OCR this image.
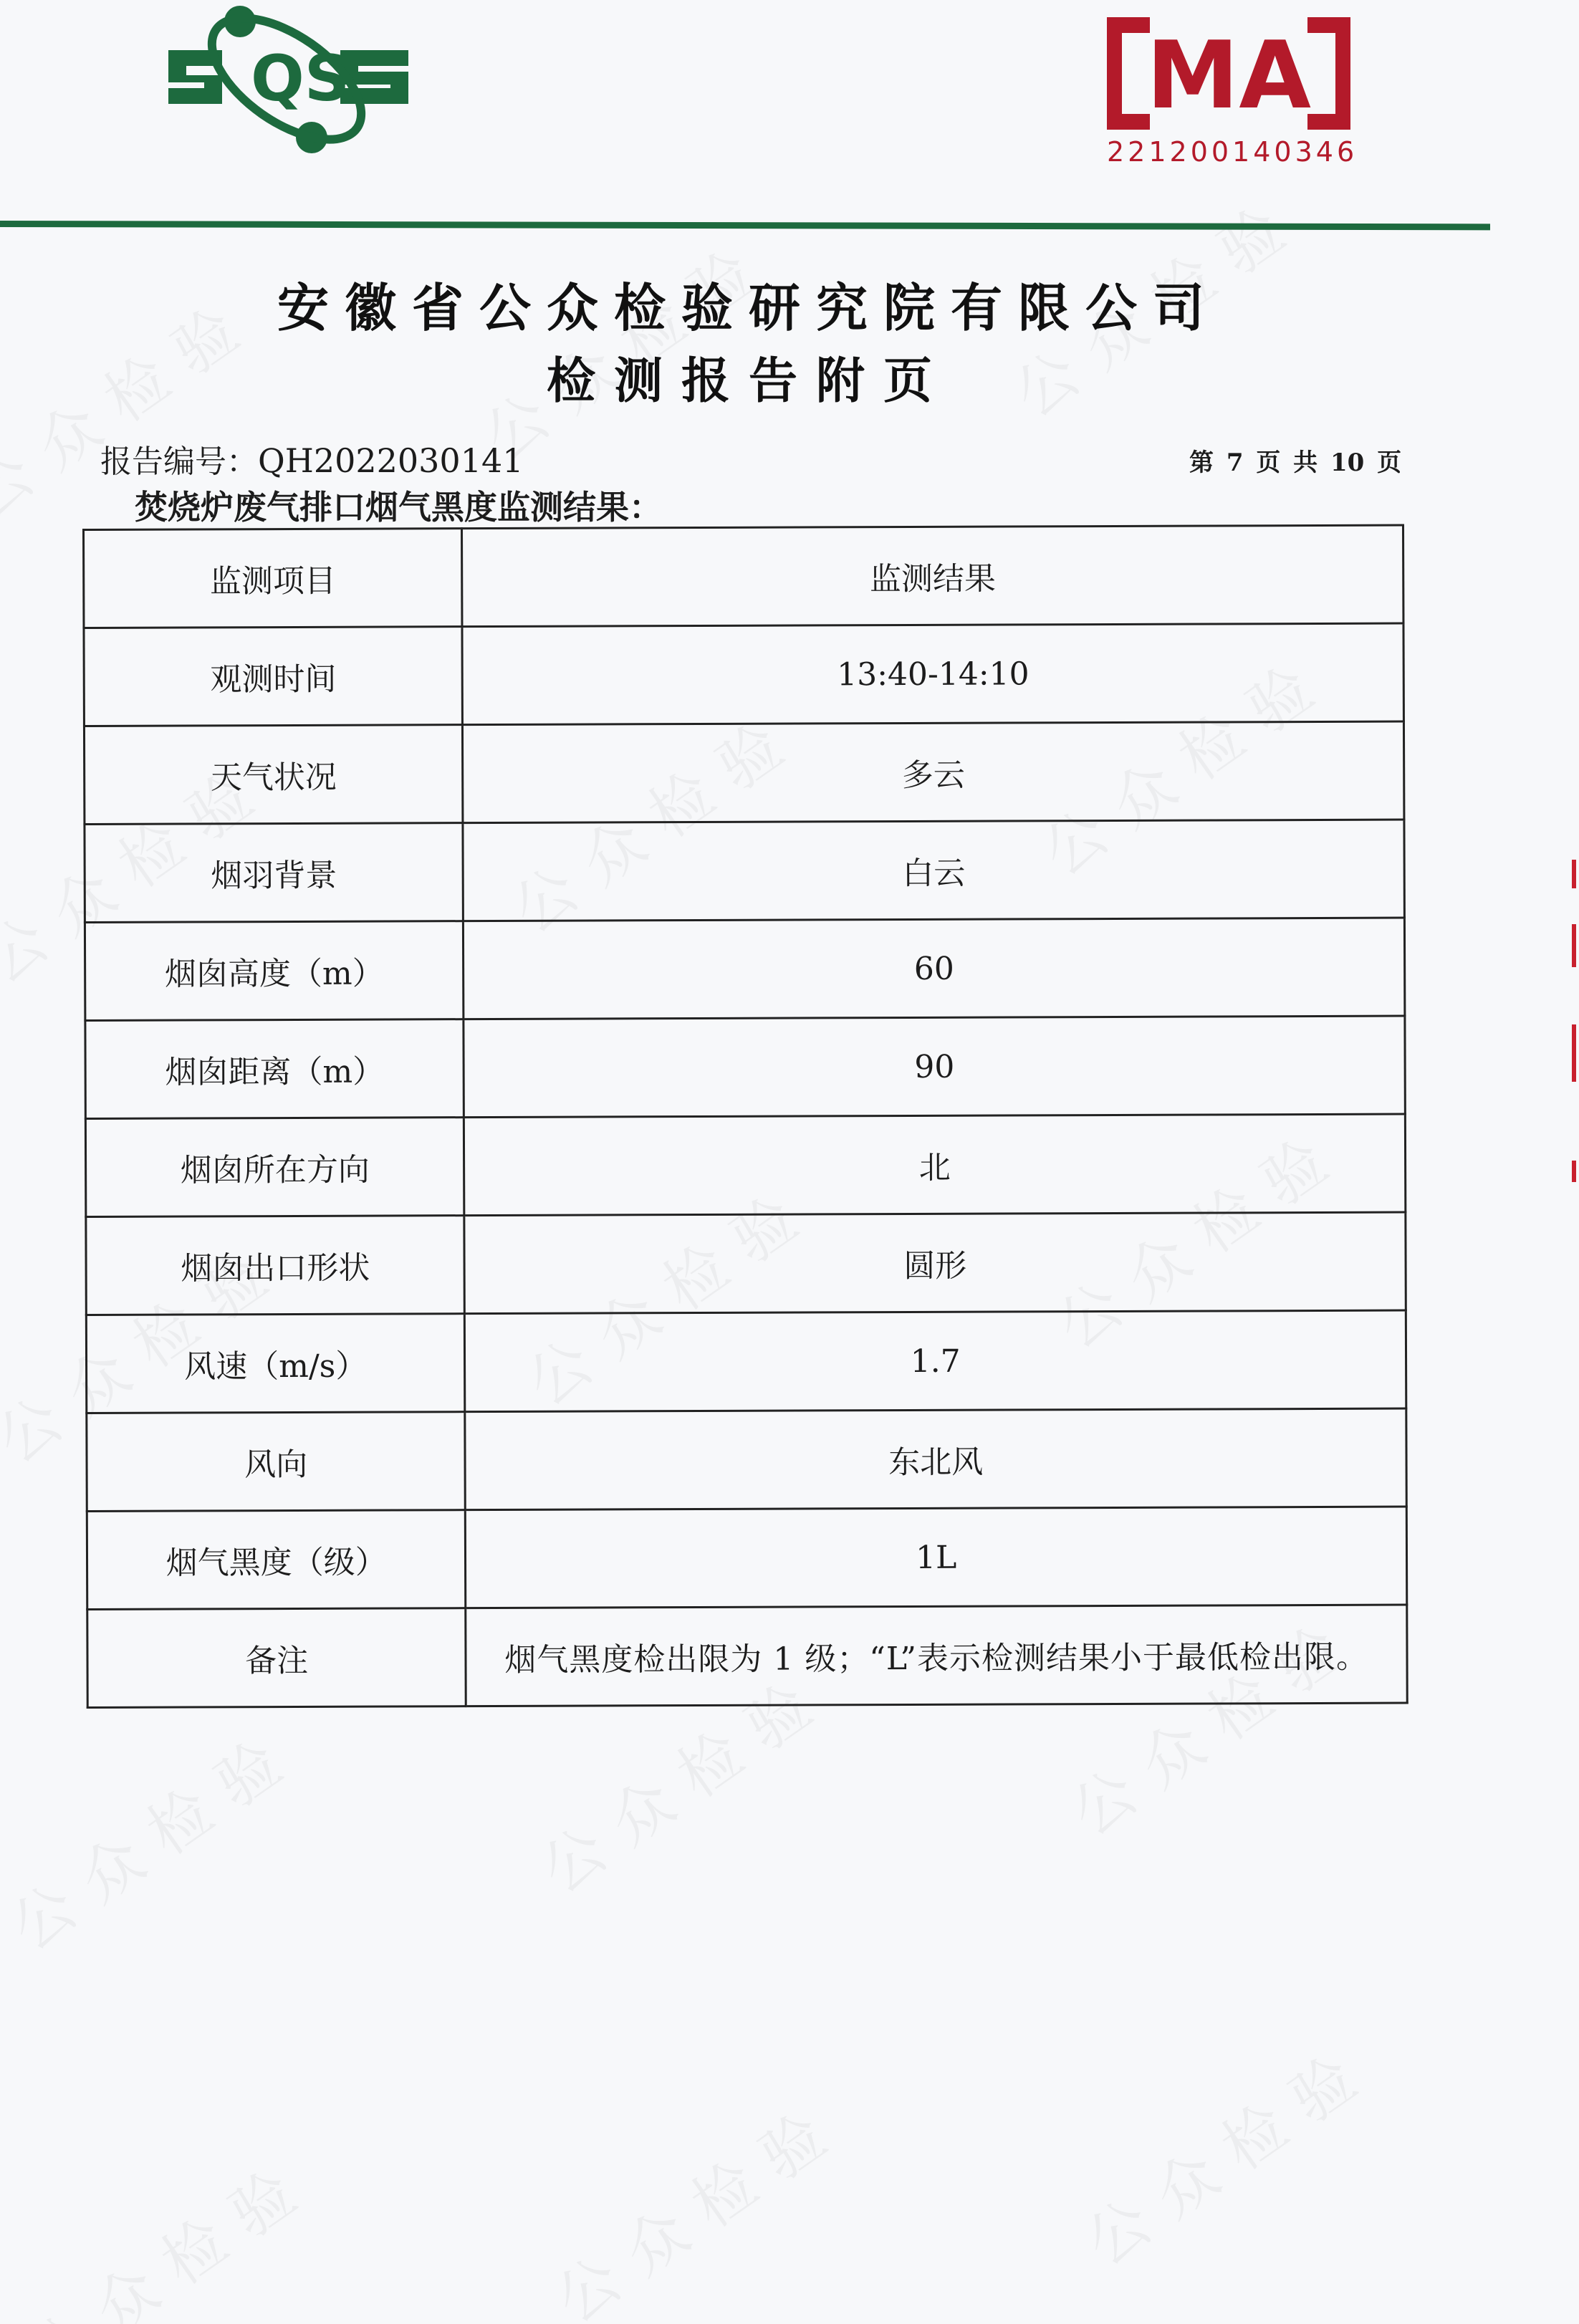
QS	MA
221200140346
安徽省公众检验研究院有限公司
检测报告附页
报告编号：QH2022030141	第 7 页 共 10 页
焚烧炉废气排口烟气黑度监测结果：
监测项目	监测结果
观测时间	13:40-14:10
天气状况	多云
烟羽背景	白云
烟囱高度（m）	60
烟囱距离（m）	90
烟囱所在方向	北
烟囱出口形状	圆形
风速（m/s）	1.7
风向	东北风
烟气黑度（级）	1L
备注	烟气黑度检出限为 1 级；“L”表示检测结果小于最低检出限。
